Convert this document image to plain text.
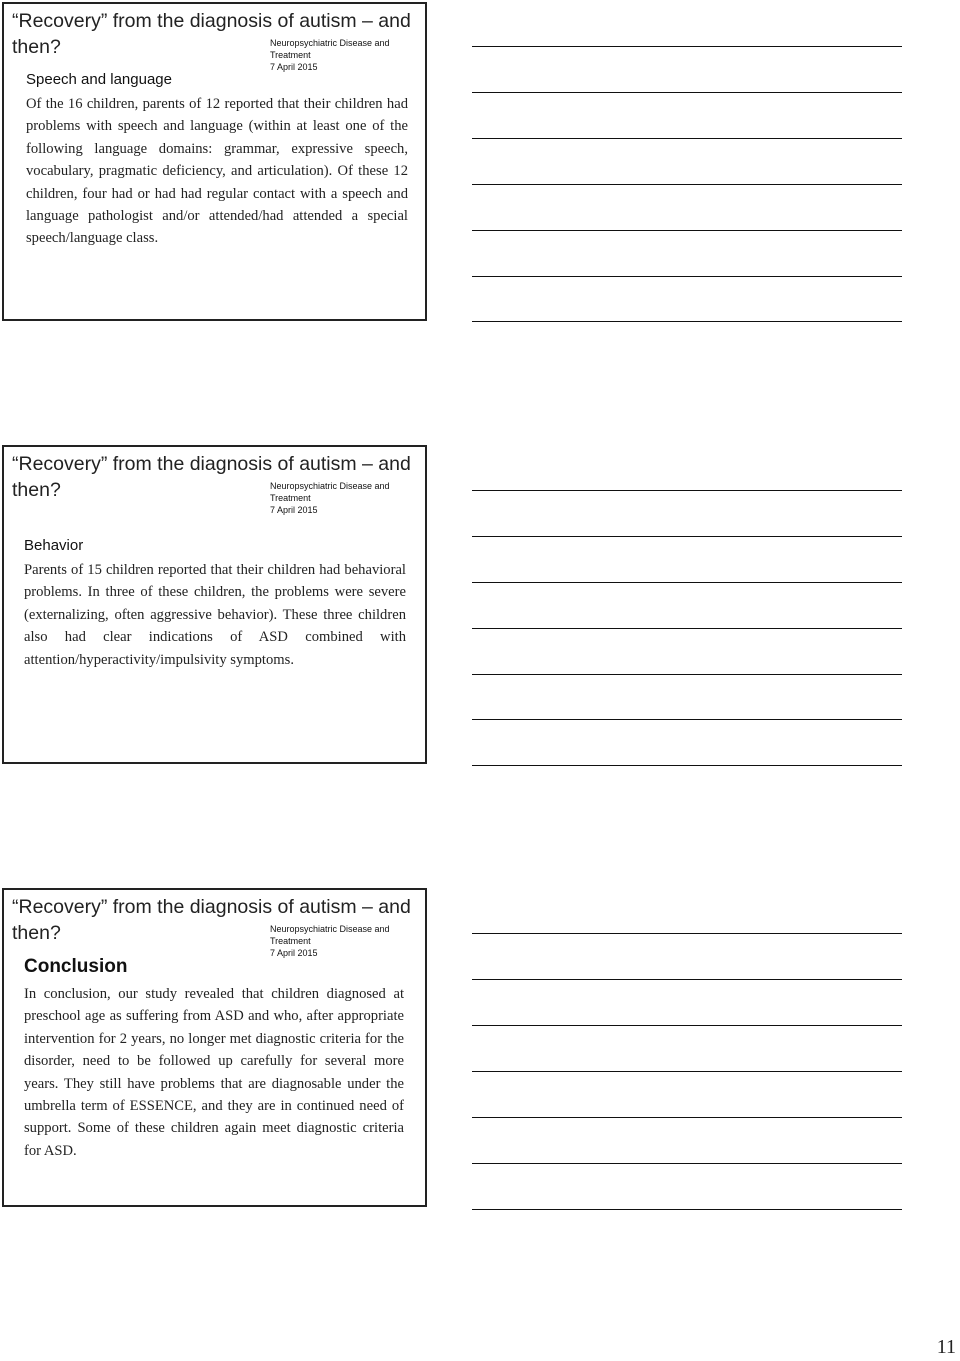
“Recovery” from the diagnosis of autism – and then?	Neuropsychiatric Disease and Treatment
7 April 2015
Speech and language

Of the 16 children, parents of 12 reported that their children had problems with speech and language (within at least one of the following language domains: grammar, expressive speech, vocabulary, pragmatic deficiency, and articulation). Of these 12 children, four had or had had regular contact with a speech and language pathologist and/or attended/had attended a special speech/language class.

“Recovery” from the diagnosis of autism – and then?	Neuropsychiatric Disease and Treatment
7 April 2015
Behavior

Parents of 15 children reported that their children had behavioral problems. In three of these children, the problems were severe (externalizing, often aggressive behavior). These three children also had clear indications of ASD combined with attention/hyperactivity/impulsivity symptoms.

“Recovery” from the diagnosis of autism – and then?	Neuropsychiatric Disease and Treatment
7 April 2015
Conclusion

In conclusion, our study revealed that children diagnosed at preschool age as suffering from ASD and who, after appropriate intervention for 2 years, no longer met diagnostic criteria for the disorder, need to be followed up carefully for several more years. They still have problems that are diagnosable under the umbrella term of ESSENCE, and they are in continued need of support. Some of these children again meet diagnostic criteria for ASD.

11
